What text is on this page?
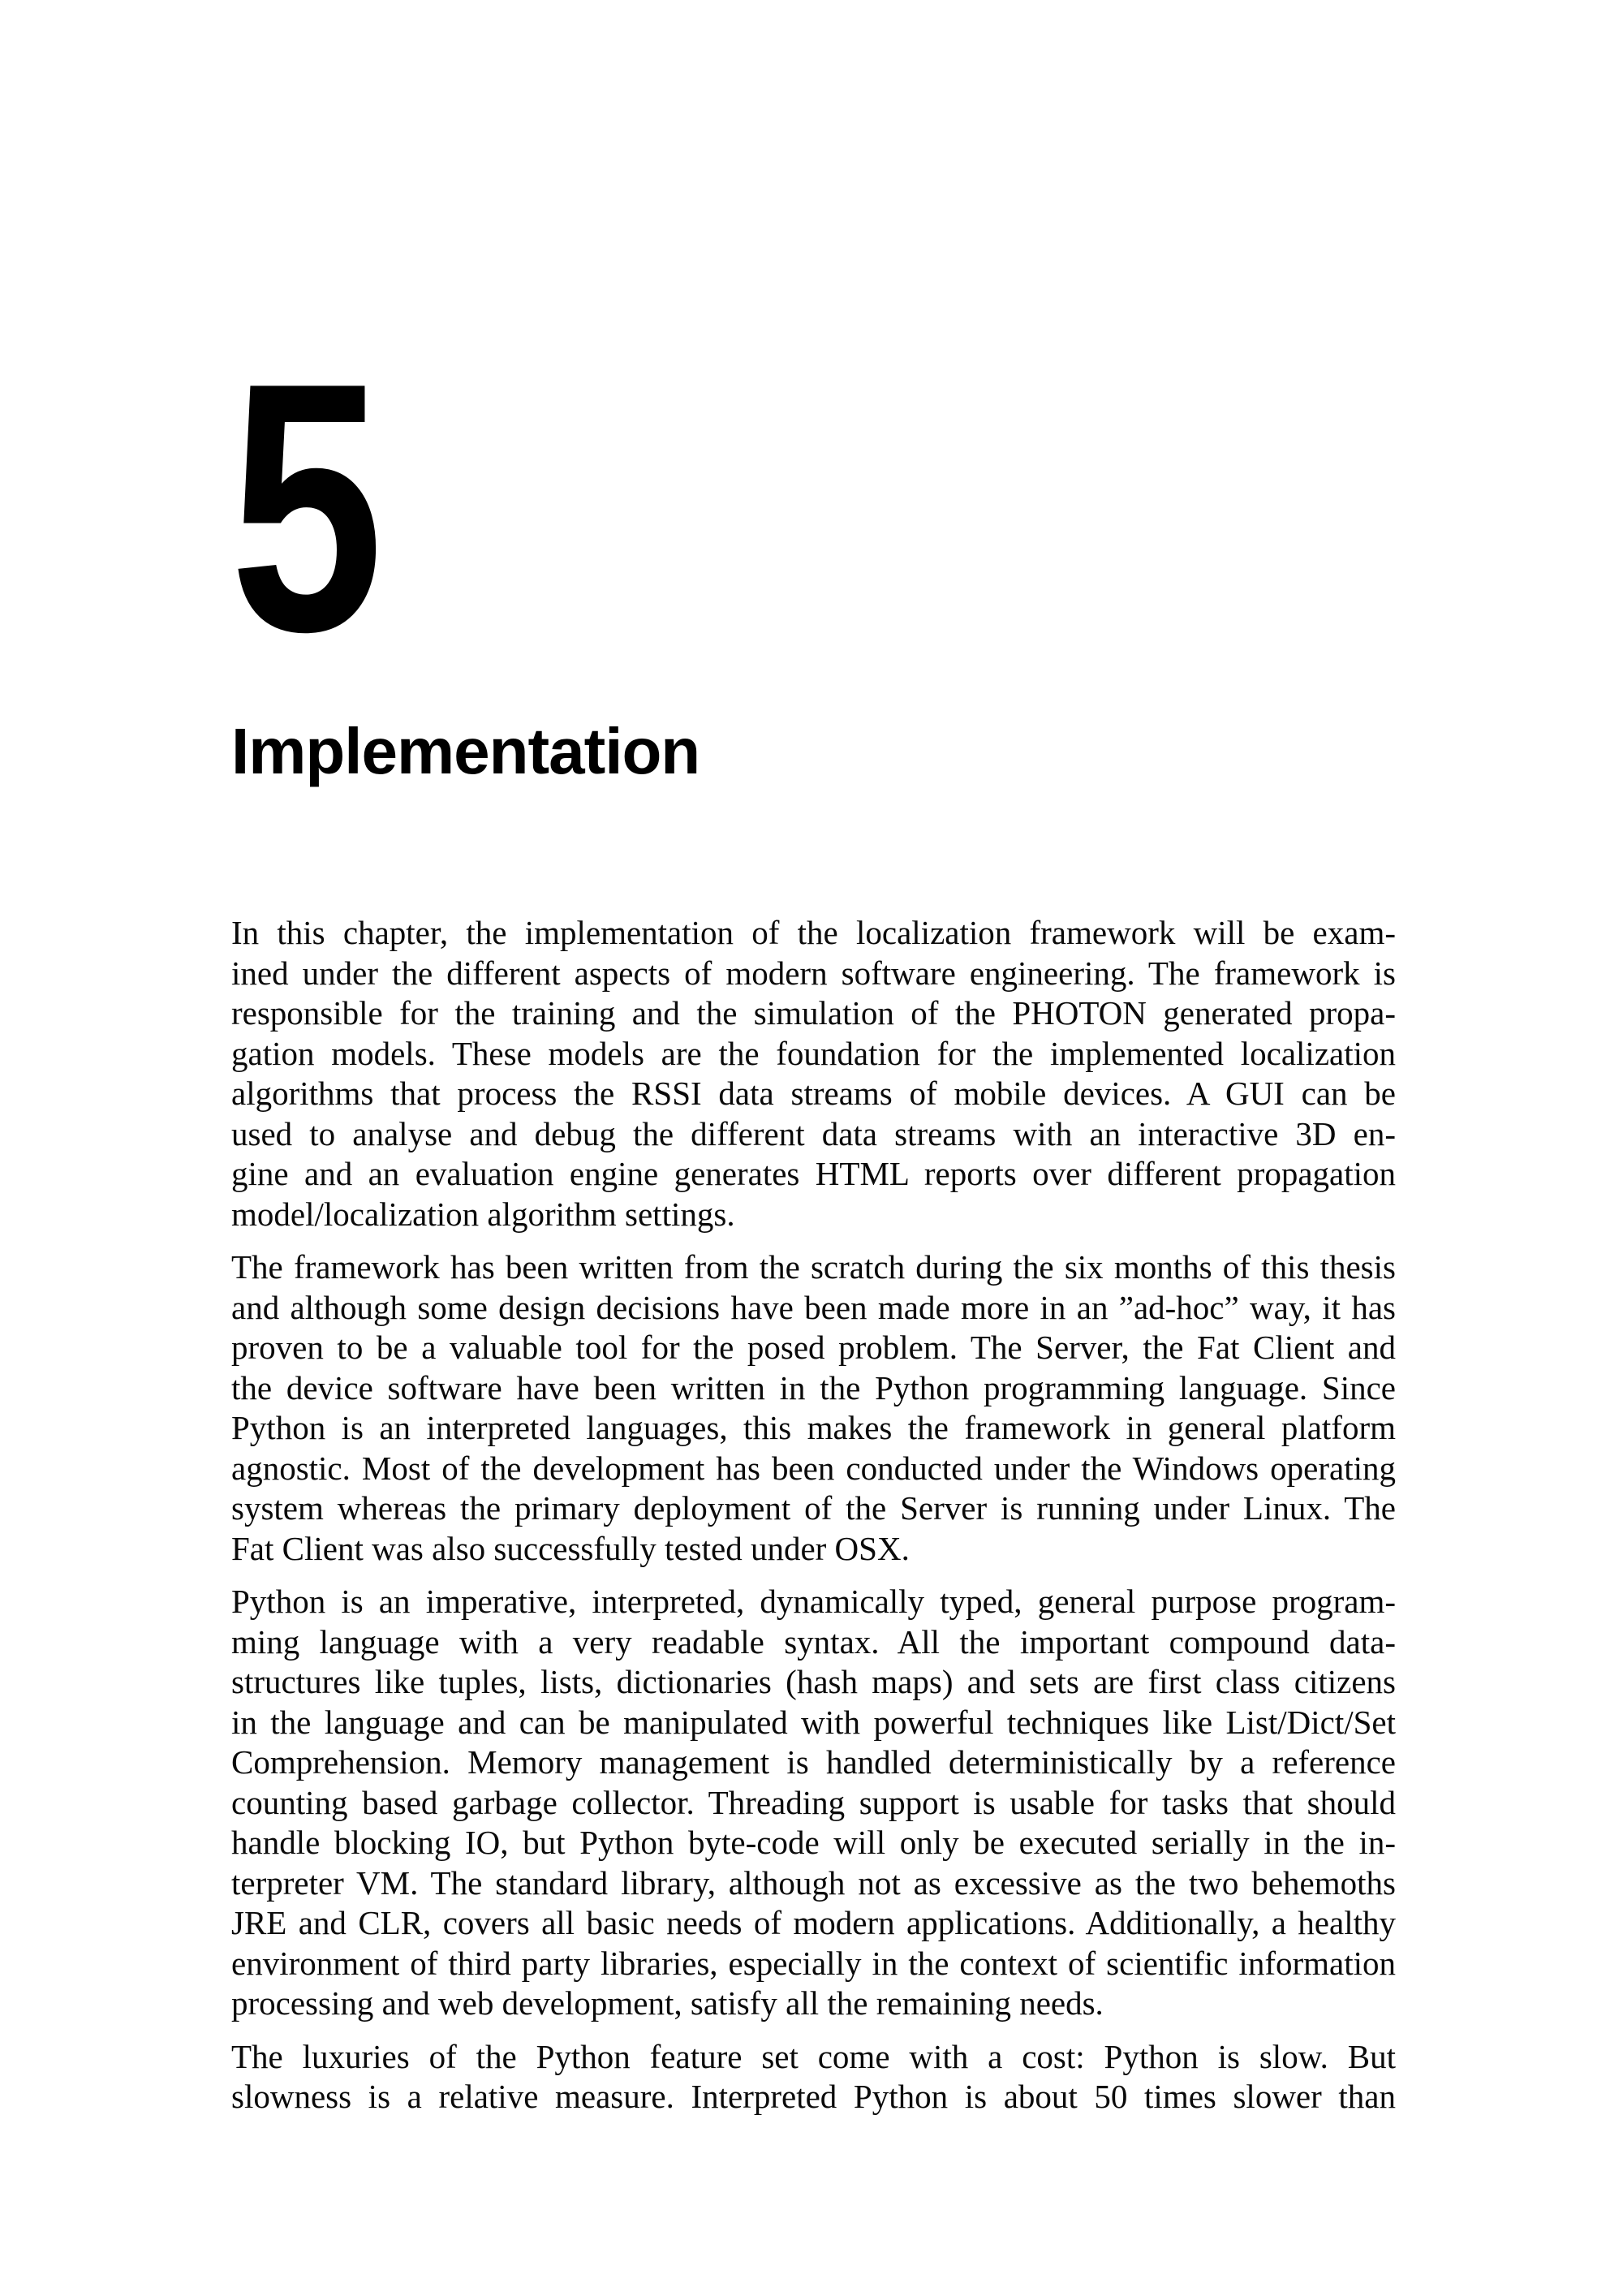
5
Implementation
In this chapter, the implementation of the localization framework will be exam-
ined under the different aspects of modern software engineering. The framework is
responsible for the training and the simulation of the PHOTON generated propa-
gation models. These models are the foundation for the implemented localization
algorithms that process the RSSI data streams of mobile devices. A GUI can be
used to analyse and debug the different data streams with an interactive 3D en-
gine and an evaluation engine generates HTML reports over different propagation
model/localization algorithm settings.
The framework has been written from the scratch during the six months of this thesis
and although some design decisions have been made more in an ”ad-hoc” way, it has
proven to be a valuable tool for the posed problem. The Server, the Fat Client and
the device software have been written in the Python programming language. Since
Python is an interpreted languages, this makes the framework in general platform
agnostic. Most of the development has been conducted under the Windows operating
system whereas the primary deployment of the Server is running under Linux. The
Fat Client was also successfully tested under OSX.
Python is an imperative, interpreted, dynamically typed, general purpose program-
ming language with a very readable syntax. All the important compound data-
structures like tuples, lists, dictionaries (hash maps) and sets are first class citizens
in the language and can be manipulated with powerful techniques like List/Dict/Set
Comprehension. Memory management is handled deterministically by a reference
counting based garbage collector. Threading support is usable for tasks that should
handle blocking IO, but Python byte-code will only be executed serially in the in-
terpreter VM. The standard library, although not as excessive as the two behemoths
JRE and CLR, covers all basic needs of modern applications. Additionally, a healthy
environment of third party libraries, especially in the context of scientific information
processing and web development, satisfy all the remaining needs.
The luxuries of the Python feature set come with a cost: Python is slow. But
slowness is a relative measure. Interpreted Python is about 50 times slower than
